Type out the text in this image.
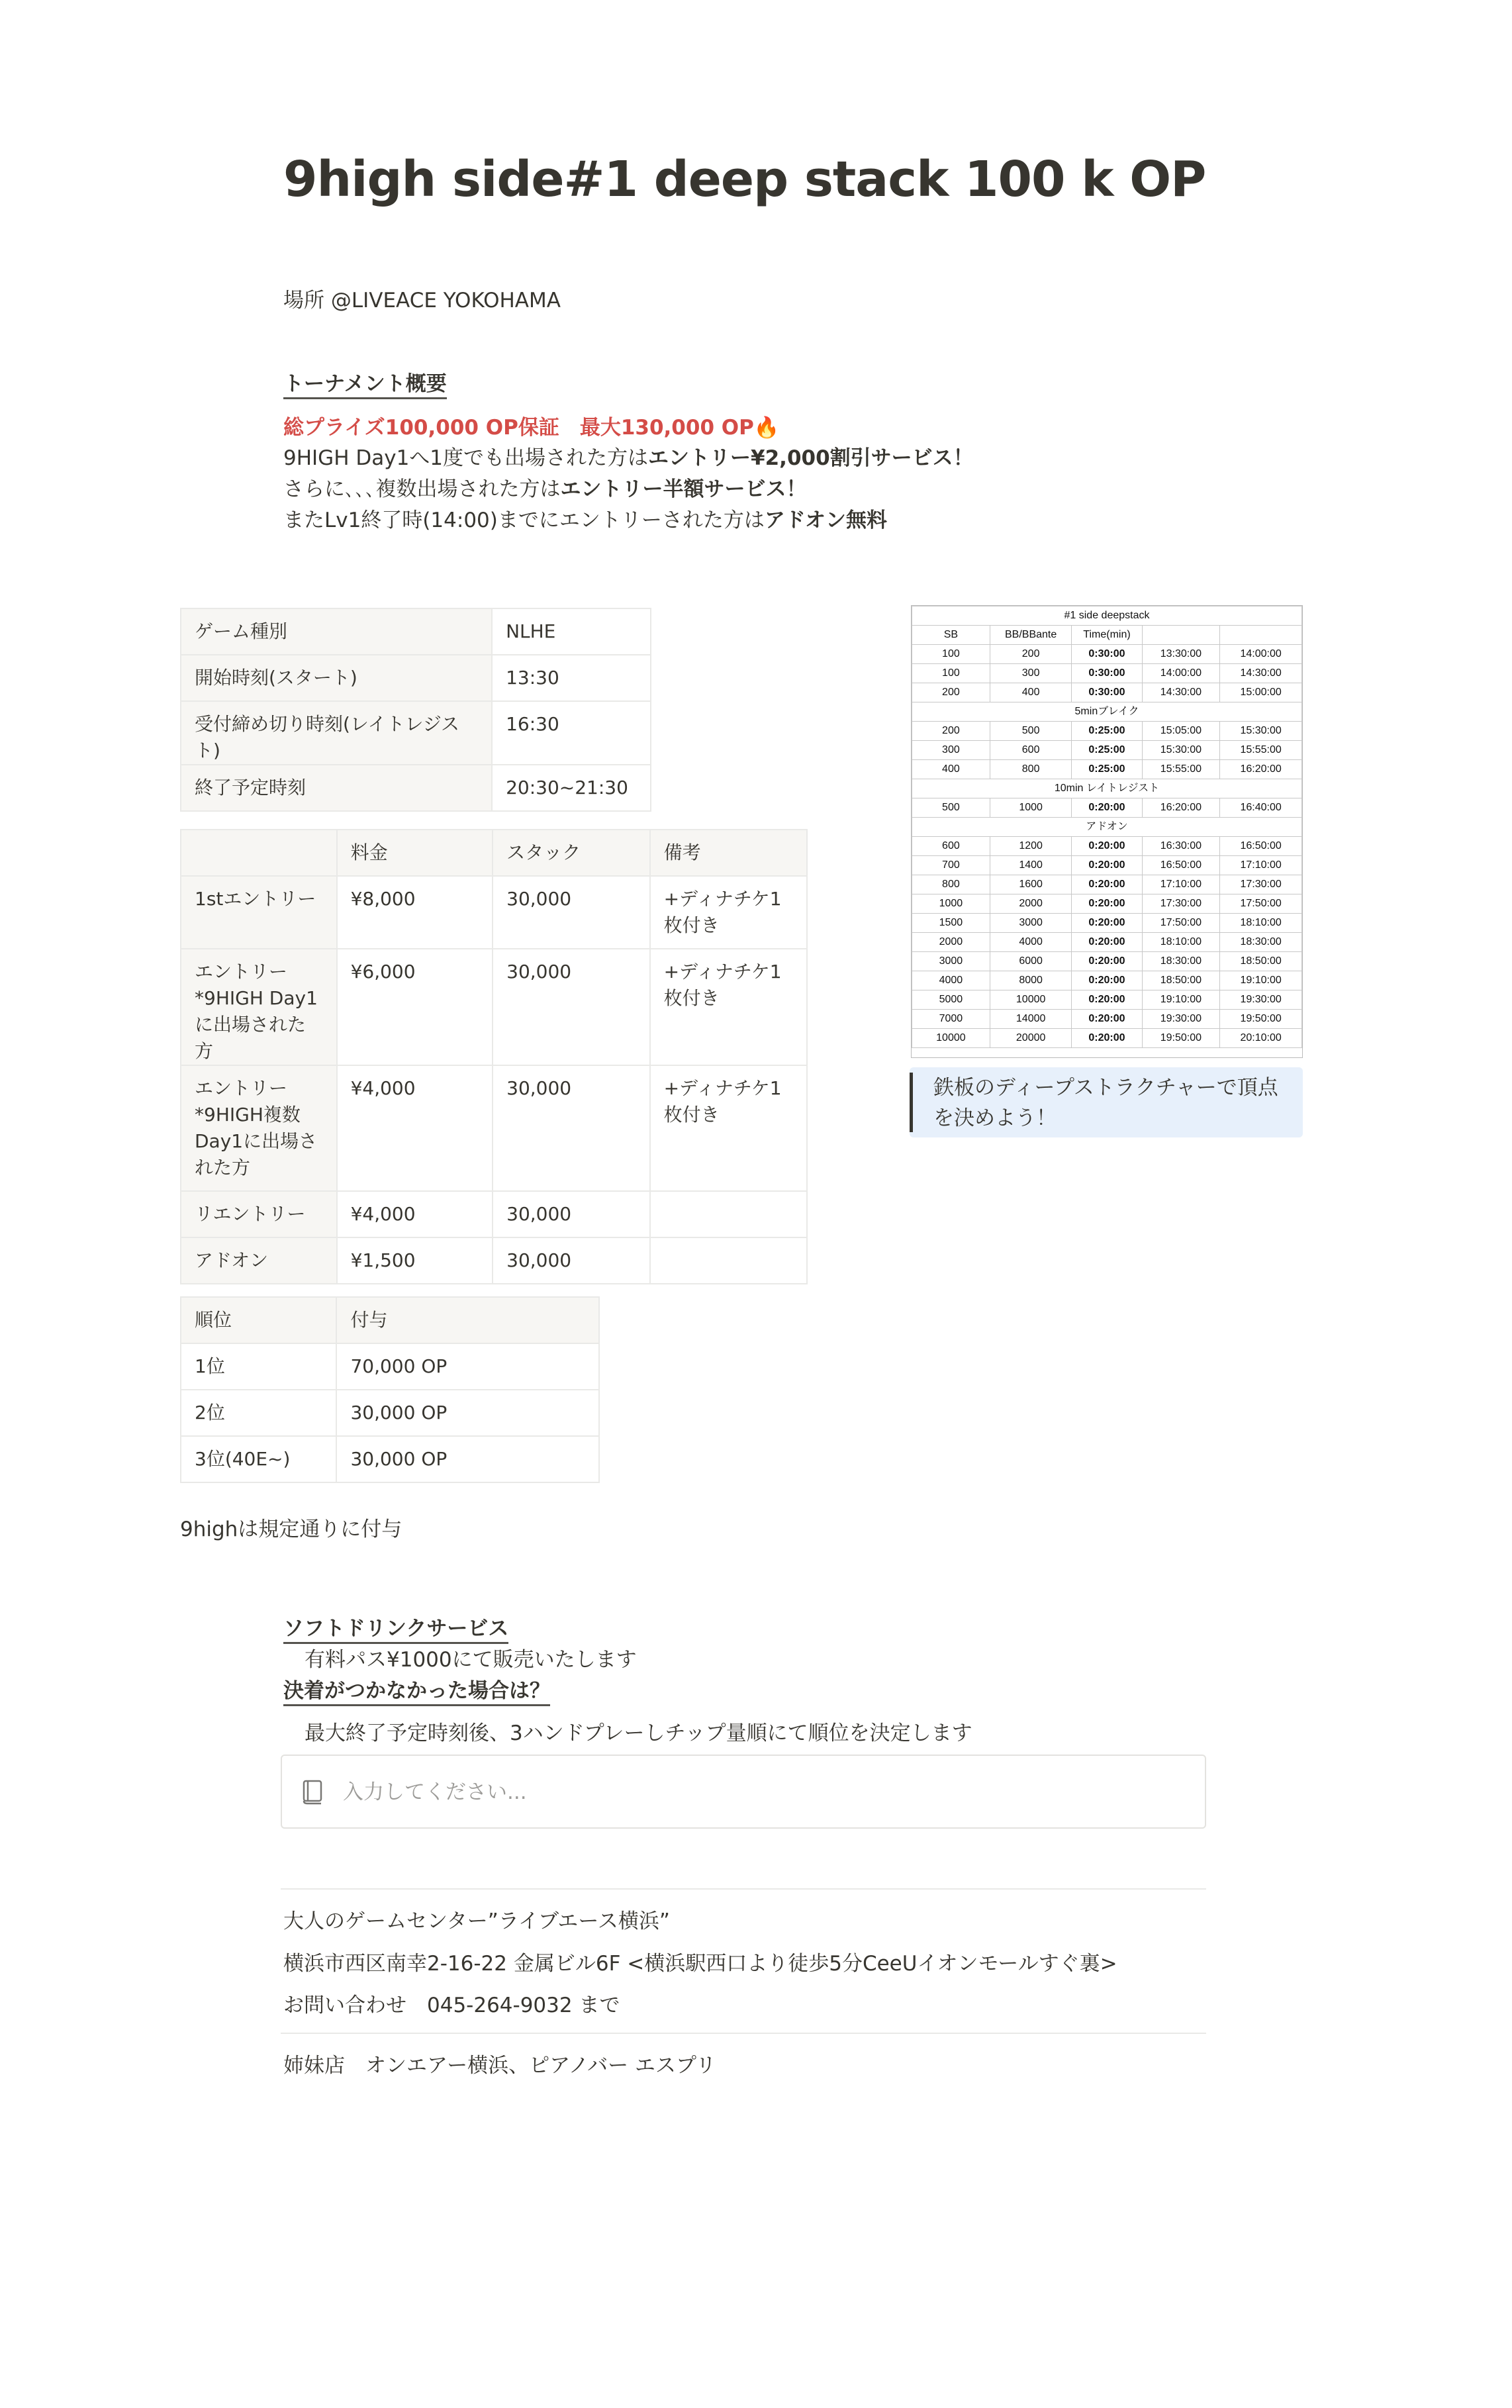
9high side#1 deep stack 100 k OP
場所 @LIVEACE YOKOHAMA
トーナメント概要
総プライズ100,000 OP保証　最大130,000 OP🔥
9HIGH Day1へ1度でも出場された方はエントリー¥2,000割引サービス！
さらに､､､複数出場された方はエントリー半額サービス！
またLv1終了時(14:00)までにエントリーされた方はアドオン無料
ゲーム種別	NLHE

開始時刻(スタート)	13:30

受付締め切り時刻(レイトレジスト)	16:30

終了予定時刻	20:30~21:30

	料金	スタック	備考

1stエントリー	¥8,000	30,000	+ディナチケ1枚付き

エントリー *9HIGH Day1に出場された方	¥6,000	30,000	+ディナチケ1枚付き

エントリー *9HIGH複数Day1に出場された方	¥4,000	30,000	+ディナチケ1枚付き

リエントリー	¥4,000	30,000	

アドオン	¥1,500	30,000	

順位	付与

1位	70,000 OP

2位	30,000 OP

3位(40E~)	30,000 OP
9highは規定通りに付与
#1 side deepstack				
SB	BB/BBante	Time(min)		
100	200	0:30:00	13:30:00	14:00:00
100	300	0:30:00	14:00:00	14:30:00
200	400	0:30:00	14:30:00	15:00:00
5minブレイク				
200	500	0:25:00	15:05:00	15:30:00
300	600	0:25:00	15:30:00	15:55:00
400	800	0:25:00	15:55:00	16:20:00
10min レイトレジスト				
500	1000	0:20:00	16:20:00	16:40:00
アドオン				
600	1200	0:20:00	16:30:00	16:50:00
700	1400	0:20:00	16:50:00	17:10:00
800	1600	0:20:00	17:10:00	17:30:00
1000	2000	0:20:00	17:30:00	17:50:00
1500	3000	0:20:00	17:50:00	18:10:00
2000	4000	0:20:00	18:10:00	18:30:00
3000	6000	0:20:00	18:30:00	18:50:00
4000	8000	0:20:00	18:50:00	19:10:00
5000	10000	0:20:00	19:10:00	19:30:00
7000	14000	0:20:00	19:30:00	19:50:00
10000	20000	0:20:00	19:50:00	20:10:00
鉄板のディープストラクチャーで頂点を決めよう！
ソフトドリンクサービス
有料パス¥1000にて販売いたします
決着がつかなかった場合は？
最大終了予定時刻後、3ハンドプレーしチップ量順にて順位を決定します
入力してください...
大人のゲームセンター”ライブエース横浜”
横浜市西区南幸2-16-22 金属ビル6F <横浜駅西口より徒歩5分CeeUイオンモールすぐ裏>
お問い合わせ　045-264-9032 まで
姉妹店　オンエアー横浜、ピアノバー エスプリ
